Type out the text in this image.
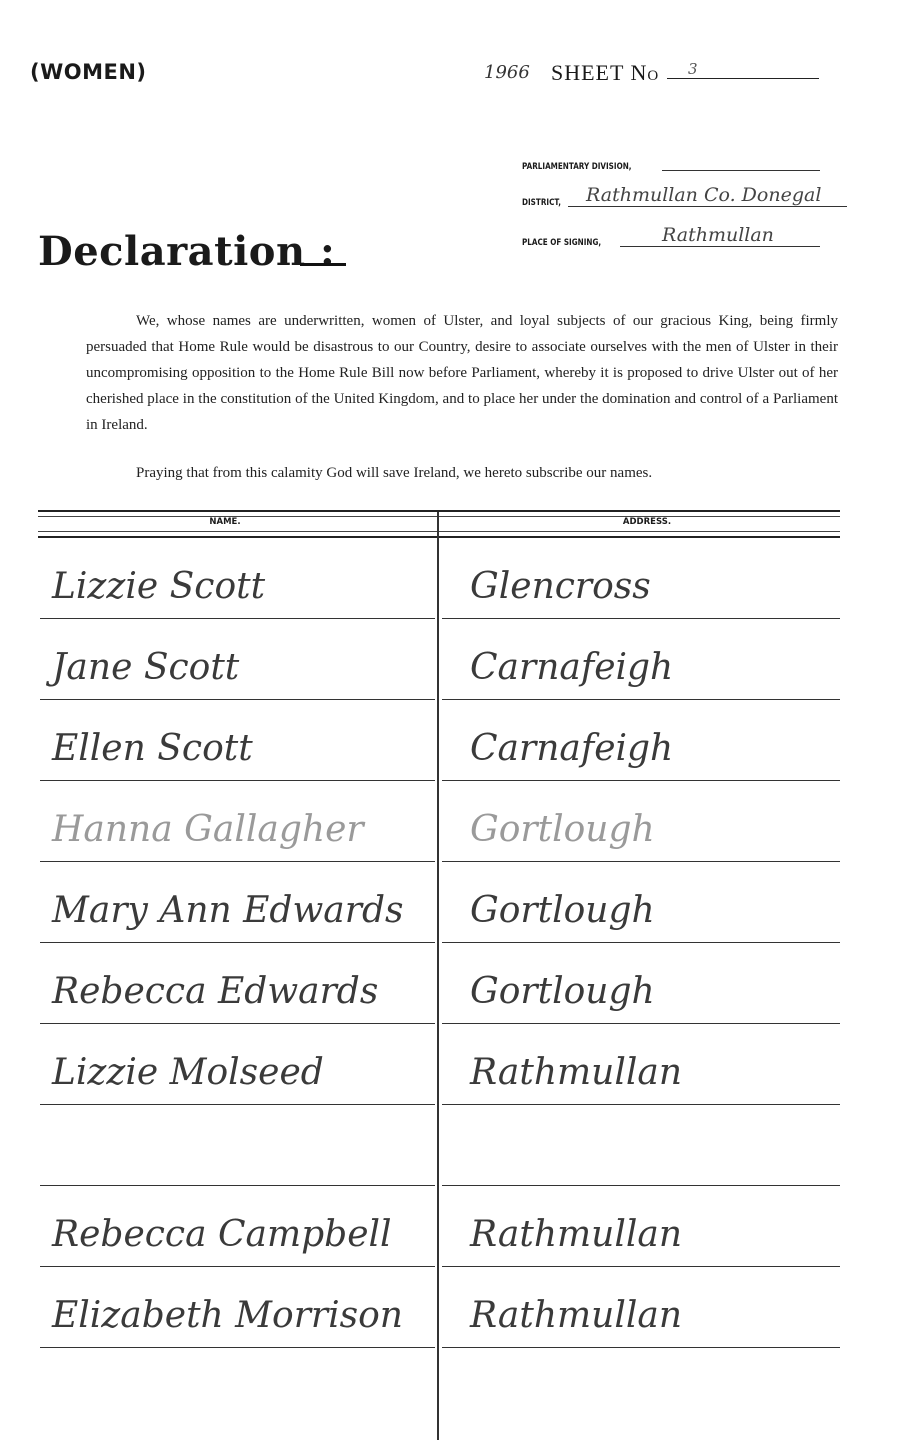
(WOMEN)	1966 SHEET No 3
PARLIAMENTARY DIVISION,
DISTRICT, Rathmullan Co. Donegal
PLACE OF SIGNING,	Rathmullan
Declaration :
We, whose names are underwritten, women of Ulster, and loyal subjects of our gracious King, being firmly persuaded that Home Rule would be disastrous to our Country, desire to associate ourselves with the men of Ulster in their uncompromising opposition to the Home Rule Bill now before Parliament, whereby it is proposed to drive Ulster out of her cherished place in the constitution of the United Kingdom, and to place her under the domination and control of a Parliament in Ireland.
Praying that from this calamity God will save Ireland, we hereto subscribe our names.
NAME.	ADDRESS.
Lizzie Scott	Glencross
Jane Scott	Carnafeigh
Ellen Scott	Carnafeigh
Hanna Gallagher	Gortlough
Mary Ann Edwards	Gortlough
Rebecca Edwards	Gortlough
Lizzie Molseed	Rathmullan
Rebecca Campbell	Rathmullan
Elizabeth Morrison	Rathmullan
